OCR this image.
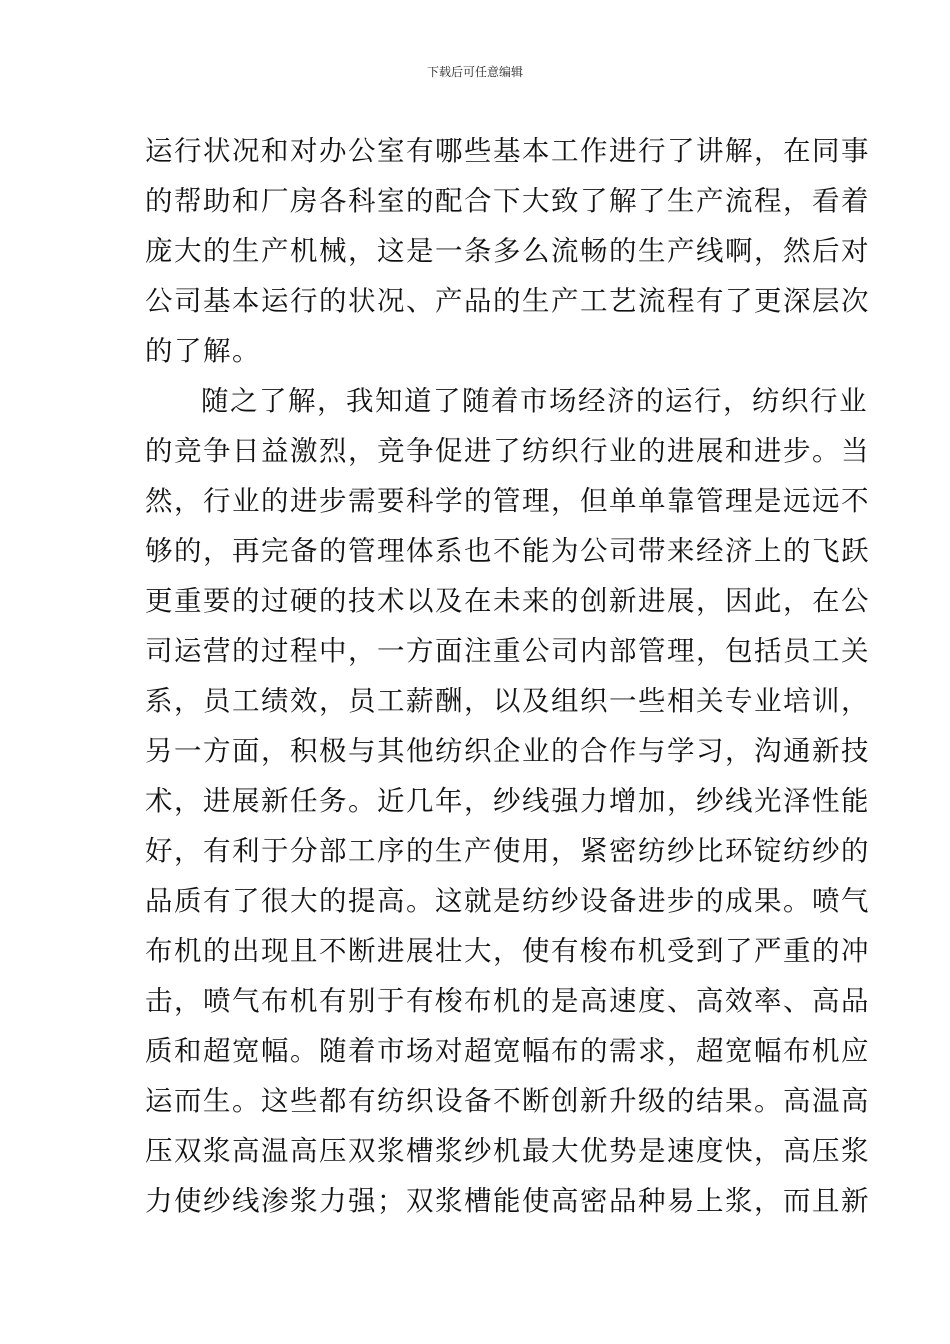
下载后可任意编辑
运行状况和对办公室有哪些基本工作进行了讲解，在同事
的帮助和厂房各科室的配合下大致了解了生产流程，看着
庞大的生产机械，这是一条多么流畅的生产线啊，然后对
公司基本运行的状况、产品的生产工艺流程有了更深层次
的了解。
随之了解，我知道了随着市场经济的运行，纺织行业
的竞争日益激烈，竞争促进了纺织行业的进展和进步。当
然，行业的进步需要科学的管理，但单单靠管理是远远不
够的，再完备的管理体系也不能为公司带来经济上的飞跃
更重要的过硬的技术以及在未来的创新进展，因此，在公
司运营的过程中，一方面注重公司内部管理，包括员工关
系，员工绩效，员工薪酬，以及组织一些相关专业培训，
另一方面，积极与其他纺织企业的合作与学习，沟通新技
术，进展新任务。近几年，纱线强力增加，纱线光泽性能
好，有利于分部工序的生产使用，紧密纺纱比环锭纺纱的
品质有了很大的提高。这就是纺纱设备进步的成果。喷气
布机的出现且不断进展壮大，使有梭布机受到了严重的冲
击，喷气布机有别于有梭布机的是高速度、高效率、高品
质和超宽幅。随着市场对超宽幅布的需求，超宽幅布机应
运而生。这些都有纺织设备不断创新升级的结果。高温高
压双浆高温高压双浆槽浆纱机最大优势是速度快，高压浆
力使纱线渗浆力强；双浆槽能使高密品种易上浆，而且新
